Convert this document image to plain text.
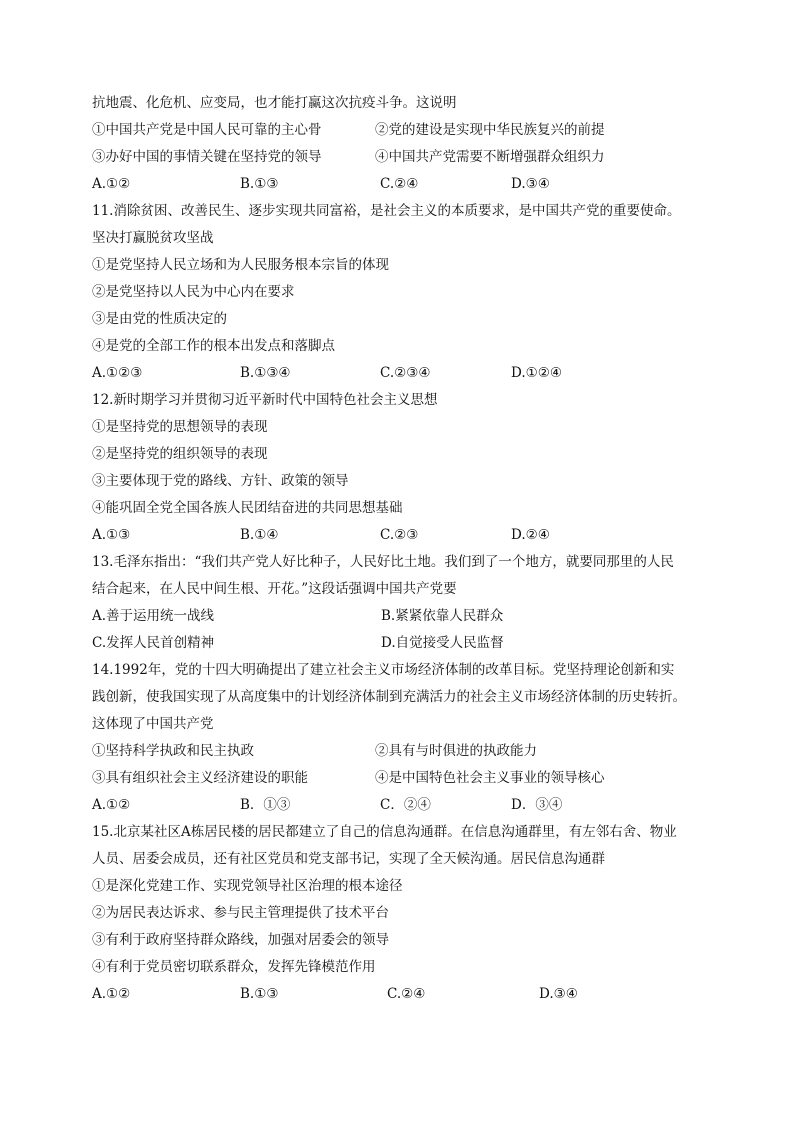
抗地震、化危机、应变局，也才能打赢这次抗疫斗争。这说明
①中国共产党是中国人民可靠的主心骨	②党的建设是实现中华民族复兴的前提
③办好中国的事情关键在坚持党的领导	④中国共产党需要不断增强群众组织力
A.①②	B.①③	C.②④	D.③④
11.消除贫困、改善民生、逐步实现共同富裕，是社会主义的本质要求，是中国共产党的重要使命。
坚决打赢脱贫攻坚战
①是党坚持人民立场和为人民服务根本宗旨的体现
②是党坚持以人民为中心内在要求
③是由党的性质决定的
④是党的全部工作的根本出发点和落脚点
A.①②③	B.①③④	C.②③④	D.①②④
12.新时期学习并贯彻习近平新时代中国特色社会主义思想
①是坚持党的思想领导的表现
②是坚持党的组织领导的表现
③主要体现于党的路线、方针、政策的领导
④能巩固全党全国各族人民团结奋进的共同思想基础
A.①③	B.①④	C.②③	D.②④
13.毛泽东指出：“我们共产党人好比种子，人民好比土地。我们到了一个地方，就要同那里的人民
结合起来，在人民中间生根、开花。”这段话强调中国共产党要
A.善于运用统一战线	B.紧紧依靠人民群众
C.发挥人民首创精神	D.自觉接受人民监督
14.1992年，党的十四大明确提出了建立社会主义市场经济体制的改革目标。党坚持理论创新和实
践创新，使我国实现了从高度集中的计划经济体制到充满活力的社会主义市场经济体制的历史转折。
这体现了中国共产党
①坚持科学执政和民主执政	②具有与时俱进的执政能力
③具有组织社会主义经济建设的职能	④是中国特色社会主义事业的领导核心
A.①②	B．①③	C．②④	D．③④
15.北京某社区A栋居民楼的居民都建立了自己的信息沟通群。在信息沟通群里，有左邻右舍、物业
人员、居委会成员，还有社区党员和党支部书记，实现了全天候沟通。居民信息沟通群
①是深化党建工作、实现党领导社区治理的根本途径
②为居民表达诉求、参与民主管理提供了技术平台
③有利于政府坚持群众路线，加强对居委会的领导
④有利于党员密切联系群众，发挥先锋模范作用
A.①②	B.①③	C.②④	D.③④
